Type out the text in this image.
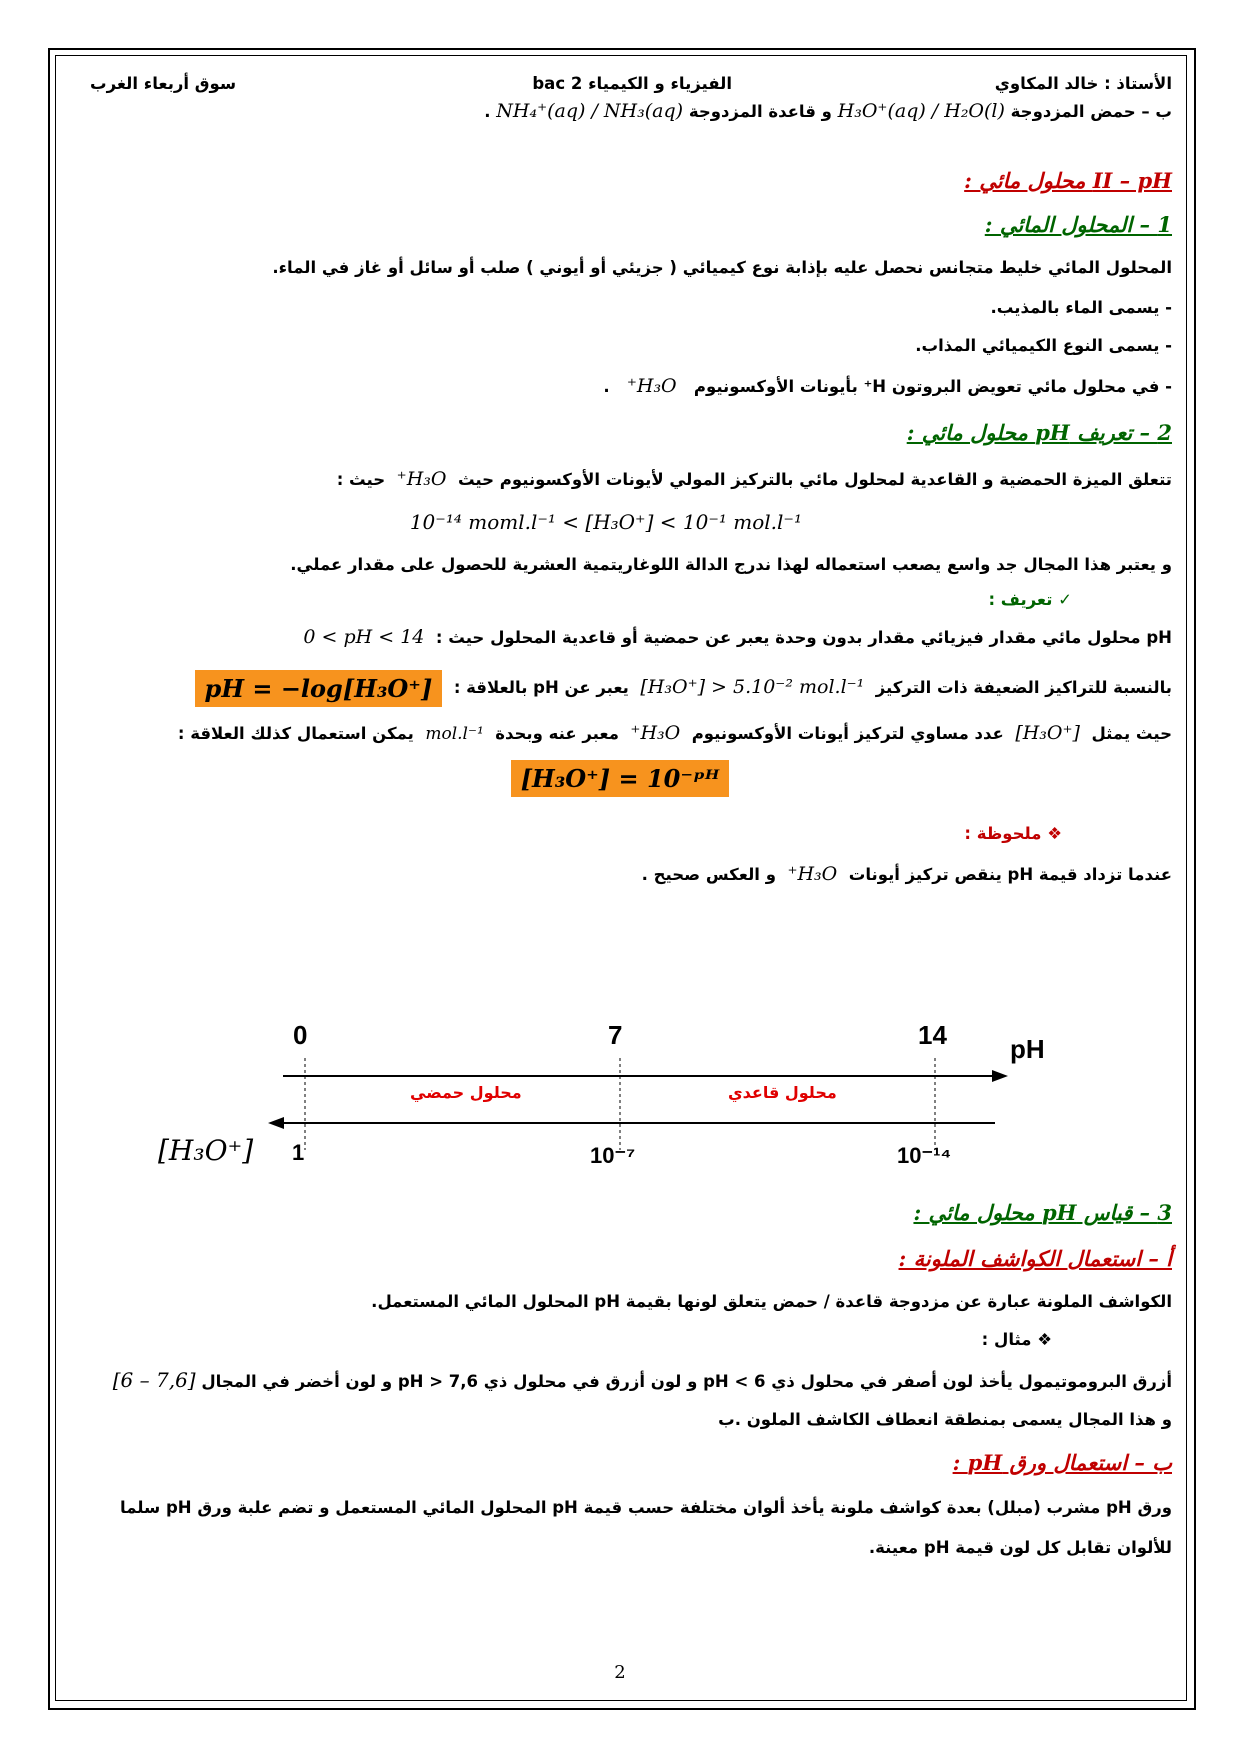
الأستاذ : خالد المكاوي
الفيزياء و الكيمياء 2 bac
سوق أربعاء الغرب
ب – حمض المزدوجة H₃O⁺(aq) / H₂O(l) و قاعدة المزدوجة NH₄⁺(aq) / NH₃(aq) .
II – pH محلول مائي :
1 – المحلول المائي :
المحلول المائي خليط متجانس نحصل عليه بإذابة نوع كيميائي ( جزيئي أو أيوني ) صلب أو سائل أو غاز في الماء.
- يسمى الماء بالمذيب.
- يسمى النوع الكيميائي المذاب.
- في محلول مائي تعويض البروتون H⁺ بأيونات الأوكسونيوم   H₃O⁺   .
2 – تعريف pH محلول مائي :
تتعلق الميزة الحمضية و القاعدية لمحلول مائي بالتركيز المولي لأيونات الأوكسونيوم حيث  H₃O⁺  حيث :
10⁻¹⁴ moml.l⁻¹ < [H₃O⁺] < 10⁻¹ mol.l⁻¹
و يعتبر هذا المجال جد واسع يصعب استعماله لهذا ندرج الدالة اللوغاريتمية العشرية للحصول على مقدار عملي.
✓ تعريف :
pH محلول مائي مقدار فيزيائي مقدار بدون وحدة يعبر عن حمضية أو قاعدية المحلول حيث :  0 < pH < 14
بالنسبة للتراكيز الضعيفة ذات التركيز  [H₃O⁺] > 5.10⁻² mol.l⁻¹  يعبر عن pH بالعلاقة :  pH = −log[H₃O⁺]
حيث يمثل  [H₃O⁺]  عدد مساوي لتركيز أيونات الأوكسونيوم  H₃O⁺  معبر عنه وبحدة  mol.l⁻¹  يمكن استعمال كذلك العلاقة :
[H₃O⁺] = 10⁻ᵖᴴ
❖ ملحوظة :
عندما تزداد قيمة pH ينقص تركيز أيونات  H₃O⁺  و العكس صحيح .
0	7	14 pH
محلول حمضي	محلول قاعدي
1	10⁻⁷	10⁻¹⁴
[H₃O⁺]
3 – قياس pH محلول مائي :
أ – استعمال الكواشف الملونة :
الكواشف الملونة عبارة عن مزدوجة قاعدة / حمض يتعلق لونها بقيمة pH المحلول المائي المستعمل.
❖ مثال :
أزرق البروموتيمول يأخذ لون أصفر في محلول ذي pH < 6 و لون أزرق في محلول ذي pH > 7,6 و لون أخضر في المجال [6 – 7,6]
و هذا المجال يسمى بمنطقة انعطاف الكاشف الملون .ب
ب – استعمال ورق pH :
ورق pH مشرب (مبلل) بعدة كواشف ملونة يأخذ ألوان مختلفة حسب قيمة pH المحلول المائي المستعمل و تضم علبة ورق pH سلما
للألوان تقابل كل لون قيمة pH معينة.
2
